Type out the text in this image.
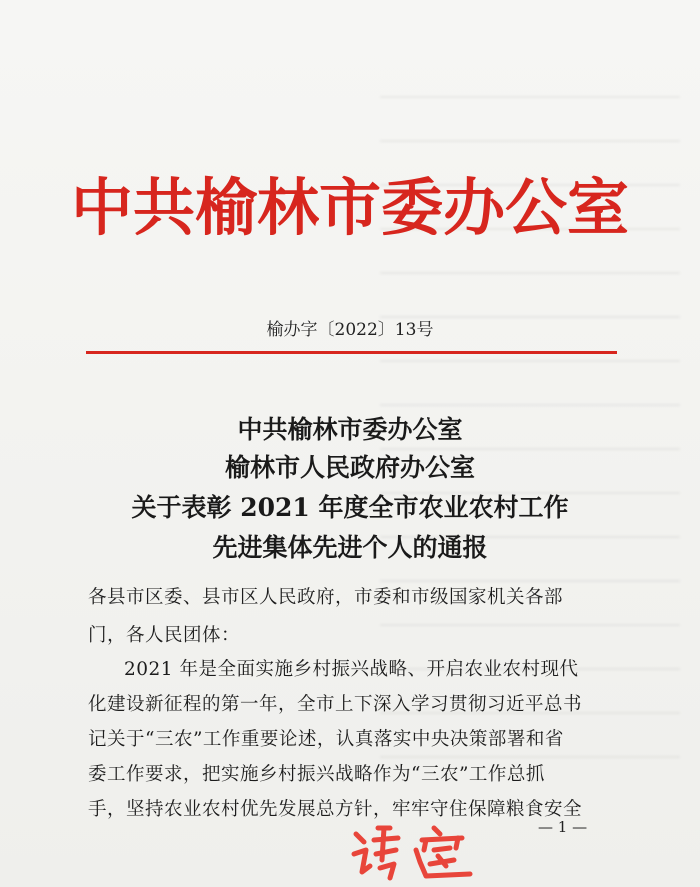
中共榆林市委办公室
榆办字〔2022〕13号
中共榆林市委办公室
榆林市人民政府办公室
关于表彰 2021 年度全市农业农村工作
先进集体先进个人的通报
各县市区委、县市区人民政府，市委和市级国家机关各部
门，各人民团体：
2021 年是全面实施乡村振兴战略、开启农业农村现代
化建设新征程的第一年，全市上下深入学习贯彻习近平总书
记关于“三农”工作重要论述，认真落实中央决策部署和省
委工作要求，把实施乡村振兴战略作为“三农”工作总抓
手，坚持农业农村优先发展总方针，牢牢守住保障粮食安全
— 1 —
